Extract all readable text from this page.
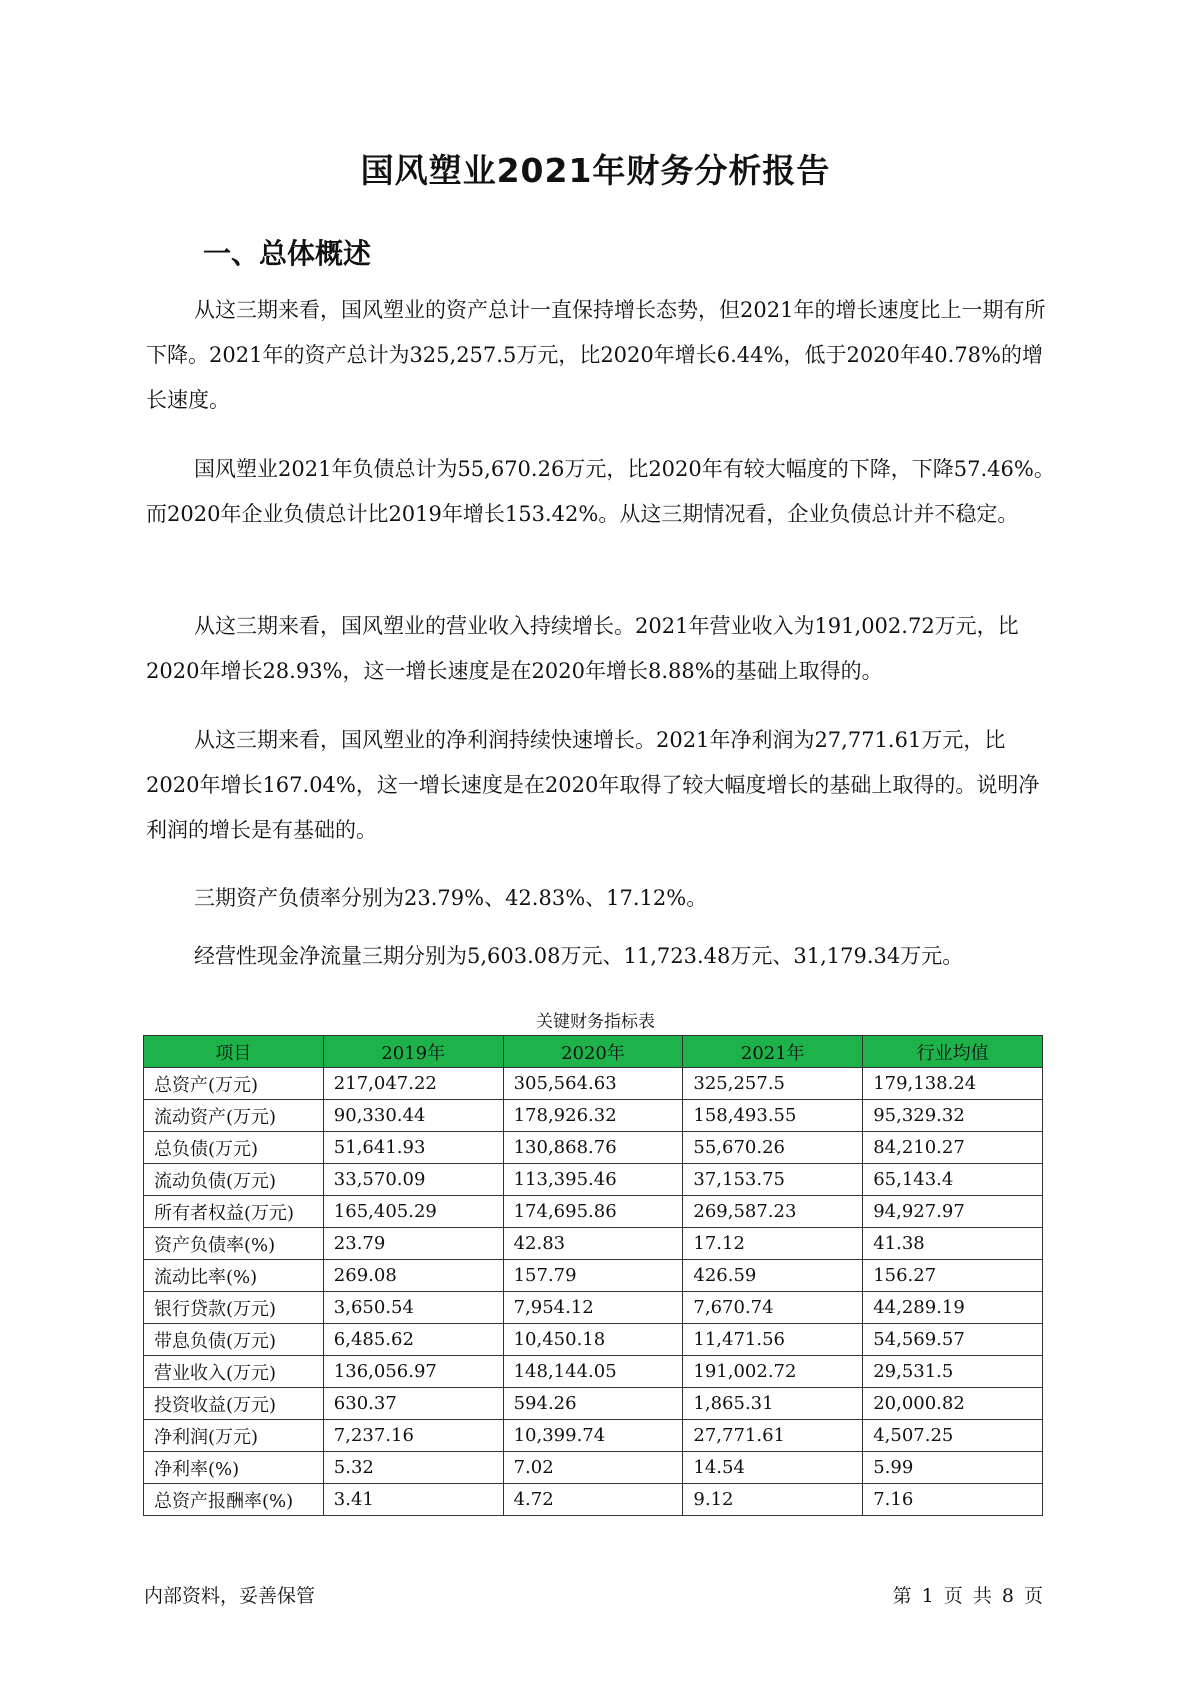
国风塑业2021年财务分析报告
一、总体概述

从这三期来看，国风塑业的资产总计一直保持增长态势，但2021年的增长速度比上一期有所下降。2021年的资产总计为325,257.5万元，比2020年增长6.44%，低于2020年40.78%的增长速度。

国风塑业2021年负债总计为55,670.26万元，比2020年有较大幅度的下降，下降57.46%。而2020年企业负债总计比2019年增长153.42%。从这三期情况看，企业负债总计并不稳定。

从这三期来看，国风塑业的营业收入持续增长。2021年营业收入为191,002.72万元，比2020年增长28.93%，这一增长速度是在2020年增长8.88%的基础上取得的。

从这三期来看，国风塑业的净利润持续快速增长。2021年净利润为27,771.61万元，比2020年增长167.04%，这一增长速度是在2020年取得了较大幅度增长的基础上取得的。说明净利润的增长是有基础的。

三期资产负债率分别为23.79%、42.83%、17.12%。

经营性现金净流量三期分别为5,603.08万元、11,723.48万元、31,179.34万元。

关键财务指标表
项目	2019年	2020年	2021年	行业均值
总资产(万元)	217,047.22	305,564.63	325,257.5	179,138.24
流动资产(万元)	90,330.44	178,926.32	158,493.55	95,329.32
总负债(万元)	51,641.93	130,868.76	55,670.26	84,210.27
流动负债(万元)	33,570.09	113,395.46	37,153.75	65,143.4
所有者权益(万元)	165,405.29	174,695.86	269,587.23	94,927.97
资产负债率(%)	23.79	42.83	17.12	41.38
流动比率(%)	269.08	157.79	426.59	156.27
银行贷款(万元)	3,650.54	7,954.12	7,670.74	44,289.19
带息负债(万元)	6,485.62	10,450.18	11,471.56	54,569.57
营业收入(万元)	136,056.97	148,144.05	191,002.72	29,531.5
投资收益(万元)	630.37	594.26	1,865.31	20,000.82
净利润(万元)	7,237.16	10,399.74	27,771.61	4,507.25
净利率(%)	5.32	7.02	14.54	5.99
总资产报酬率(%)	3.41	4.72	9.12	7.16
内部资料，妥善保管	第 1 页 共 8 页
